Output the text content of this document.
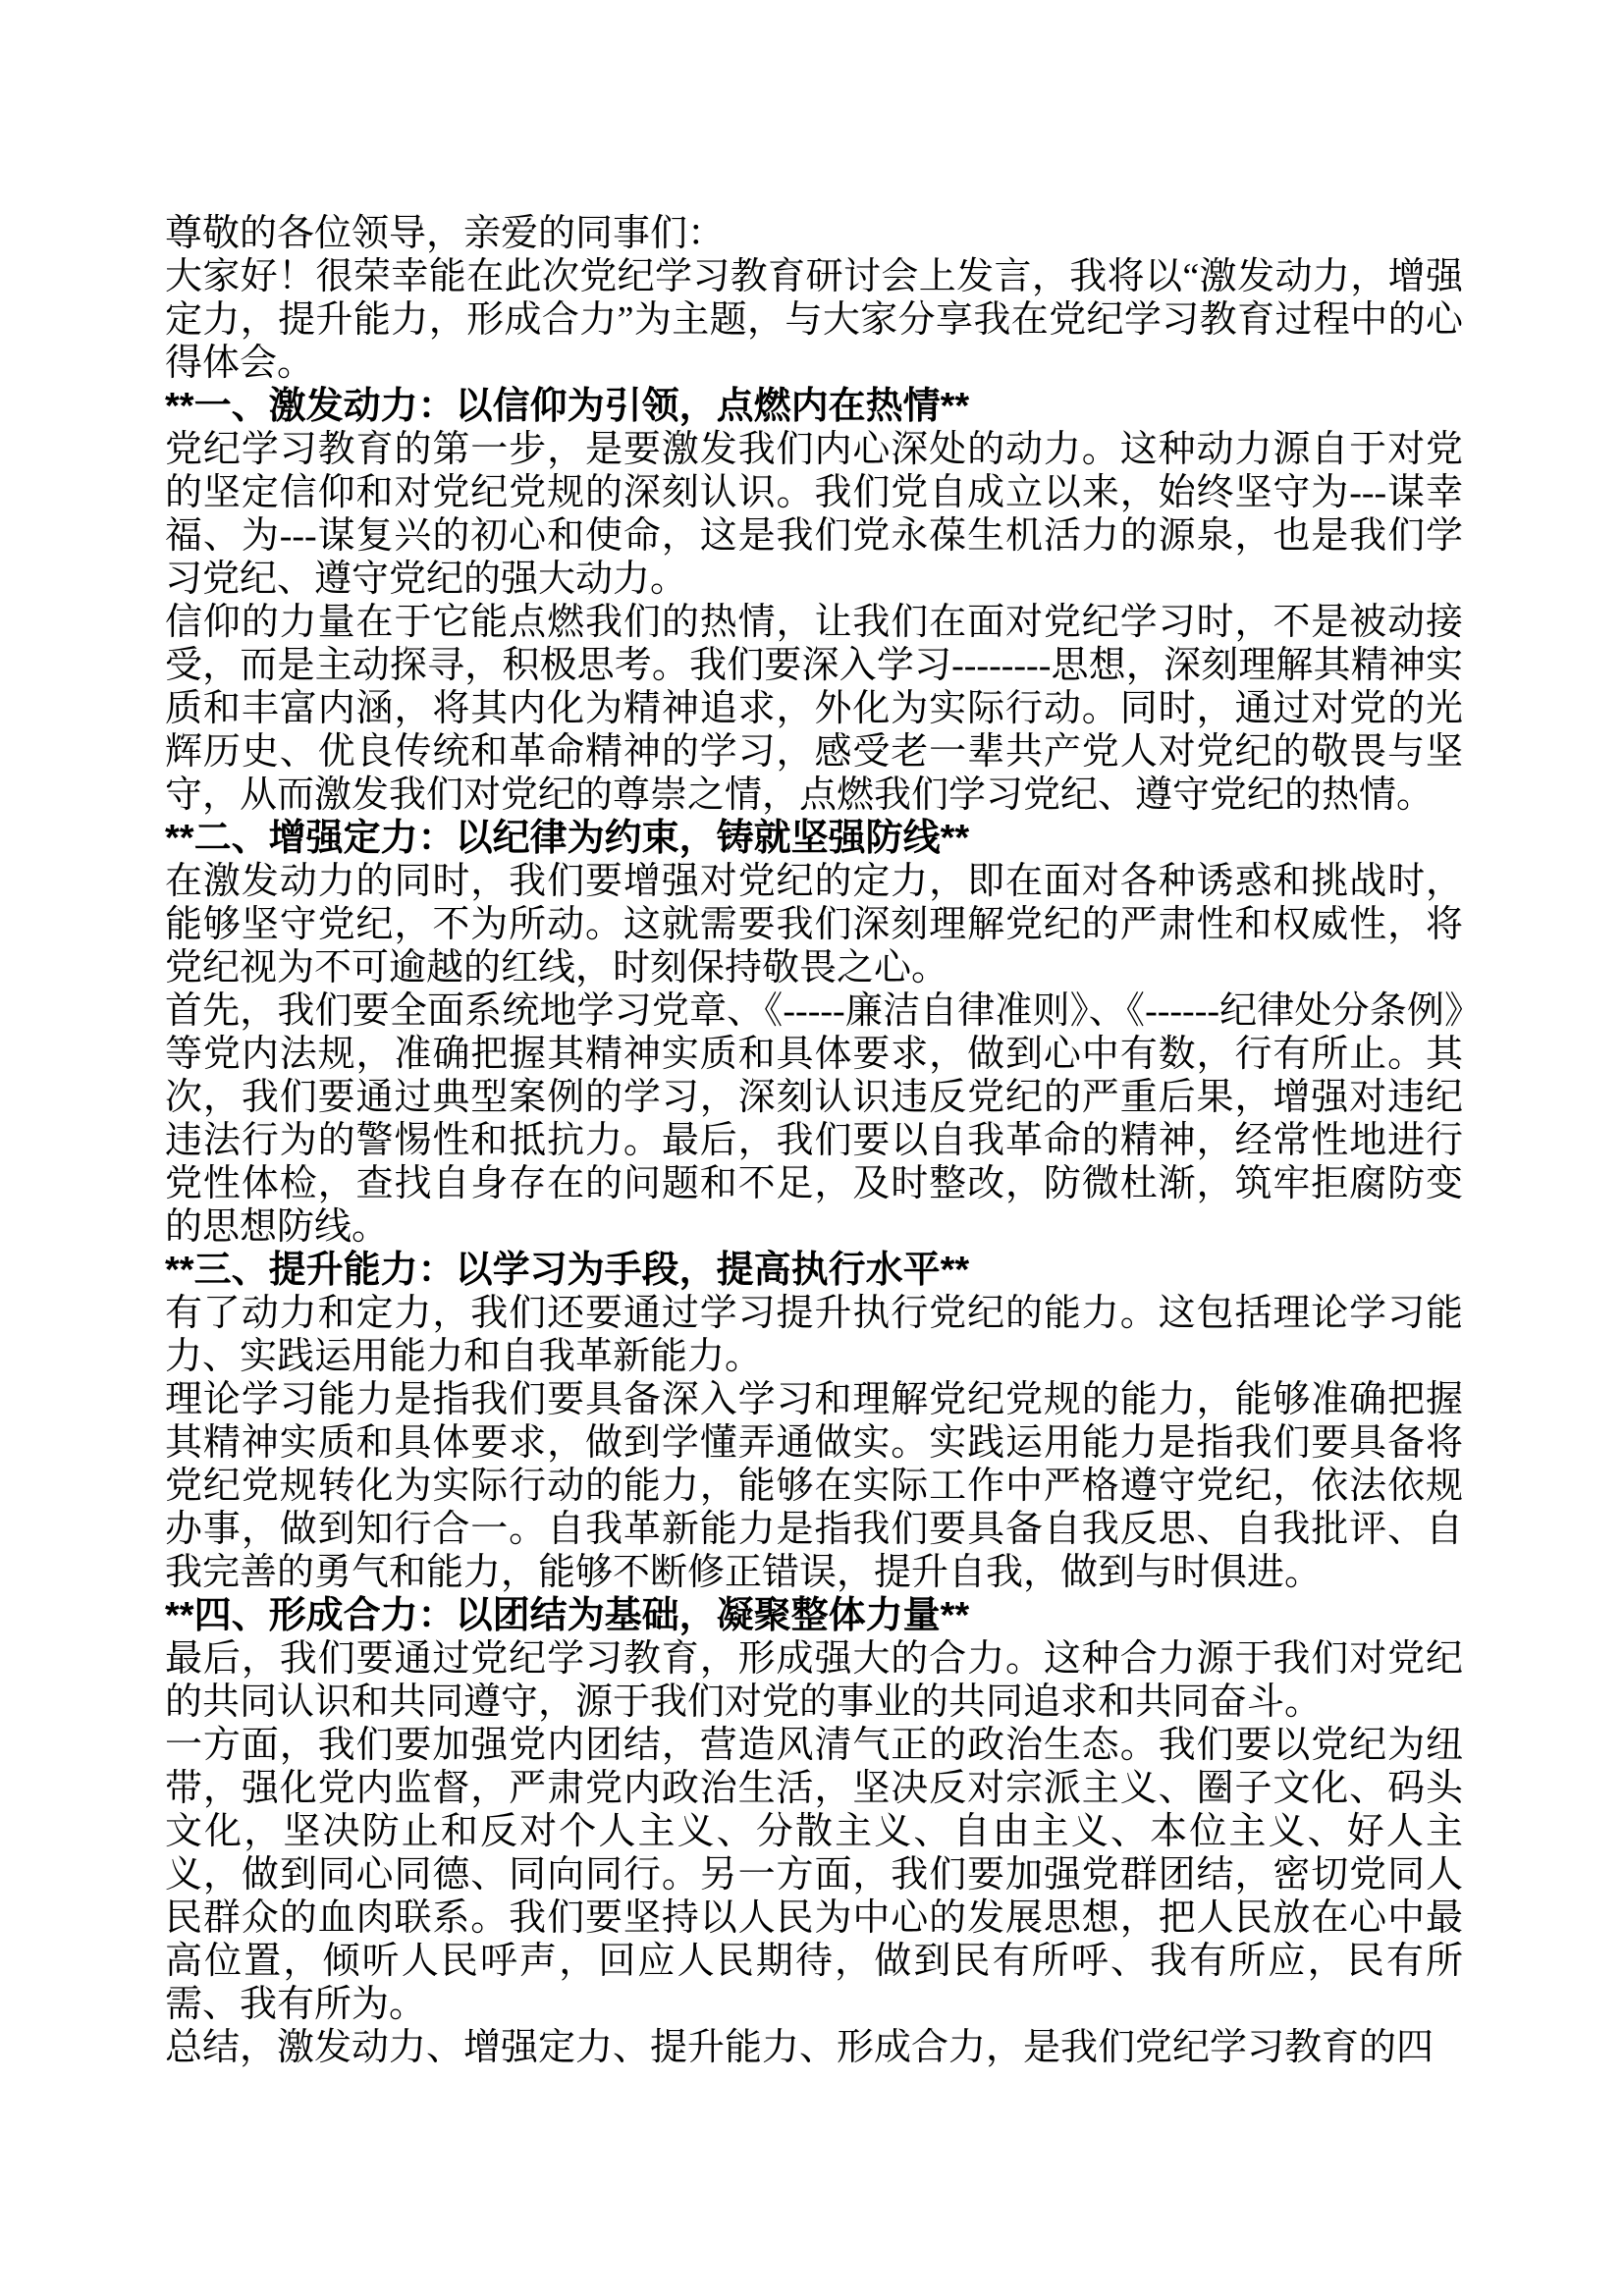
尊敬的各位领导，亲爱的同事们：

大家好！很荣幸能在此次党纪学习教育研讨会上发言，我将以“激发动力，增强定力，提升能力，形成合力”为主题，与大家分享我在党纪学习教育过程中的心得体会。

**一、激发动力：以信仰为引领，点燃内在热情**

党纪学习教育的第一步，是要激发我们内心深处的动力。这种动力源自于对党的坚定信仰和对党纪党规的深刻认识。我们党自成立以来，始终坚守为---谋幸福、为---谋复兴的初心和使命，这是我们党永葆生机活力的源泉，也是我们学习党纪、遵守党纪的强大动力。

信仰的力量在于它能点燃我们的热情，让我们在面对党纪学习时，不是被动接受，而是主动探寻，积极思考。我们要深入学习--------思想，深刻理解其精神实质和丰富内涵，将其内化为精神追求，外化为实际行动。同时，通过对党的光辉历史、优良传统和革命精神的学习，感受老一辈共产党人对党纪的敬畏与坚守，从而激发我们对党纪的尊崇之情，点燃我们学习党纪、遵守党纪的热情。

**二、增强定力：以纪律为约束，铸就坚强防线**

在激发动力的同时，我们要增强对党纪的定力，即在面对各种诱惑和挑战时，能够坚守党纪，不为所动。这就需要我们深刻理解党纪的严肃性和权威性，将党纪视为不可逾越的红线，时刻保持敬畏之心。

首先，我们要全面系统地学习党章、《-----廉洁自律准则》、《------纪律处分条例》等党内法规，准确把握其精神实质和具体要求，做到心中有数，行有所止。其次，我们要通过典型案例的学习，深刻认识违反党纪的严重后果，增强对违纪违法行为的警惕性和抵抗力。最后，我们要以自我革命的精神，经常性地进行党性体检，查找自身存在的问题和不足，及时整改，防微杜渐，筑牢拒腐防变的思想防线。

**三、提升能力：以学习为手段，提高执行水平**

有了动力和定力，我们还要通过学习提升执行党纪的能力。这包括理论学习能力、实践运用能力和自我革新能力。

理论学习能力是指我们要具备深入学习和理解党纪党规的能力，能够准确把握其精神实质和具体要求，做到学懂弄通做实。实践运用能力是指我们要具备将党纪党规转化为实际行动的能力，能够在实际工作中严格遵守党纪，依法依规办事，做到知行合一。自我革新能力是指我们要具备自我反思、自我批评、自我完善的勇气和能力，能够不断修正错误，提升自我，做到与时俱进。

**四、形成合力：以团结为基础，凝聚整体力量**

最后，我们要通过党纪学习教育，形成强大的合力。这种合力源于我们对党纪的共同认识和共同遵守，源于我们对党的事业的共同追求和共同奋斗。

一方面，我们要加强党内团结，营造风清气正的政治生态。我们要以党纪为纽带，强化党内监督，严肃党内政治生活，坚决反对宗派主义、圈子文化、码头文化，坚决防止和反对个人主义、分散主义、自由主义、本位主义、好人主义，做到同心同德、同向同行。另一方面，我们要加强党群团结，密切党同人民群众的血肉联系。我们要坚持以人民为中心的发展思想，把人民放在心中最高位置，倾听人民呼声，回应人民期待，做到民有所呼、我有所应，民有所需、我有所为。

总结，激发动力、增强定力、提升能力、形成合力，是我们党纪学习教育的四
